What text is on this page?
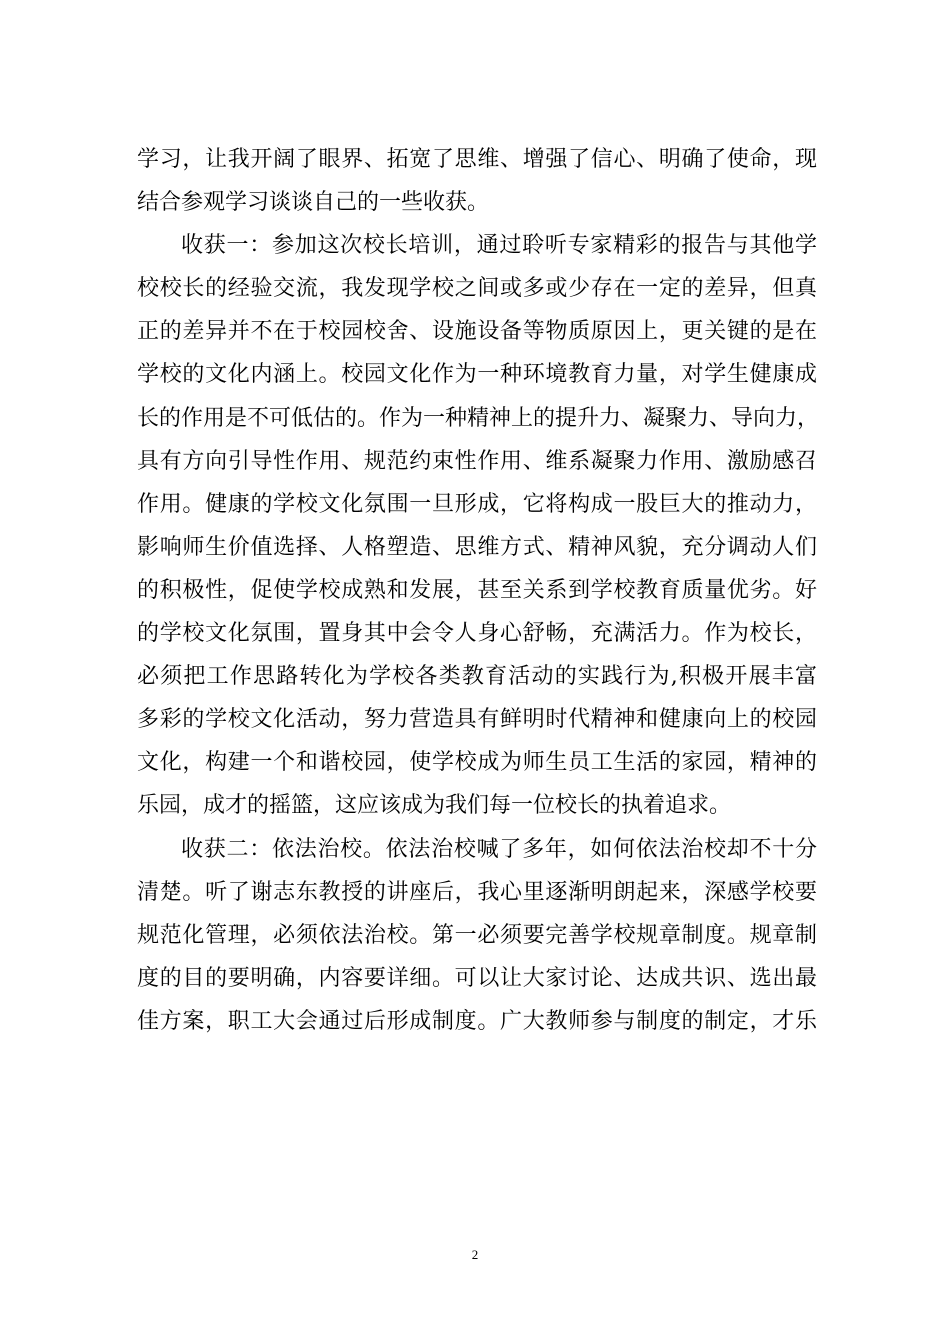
学习，让我开阔了眼界、拓宽了思维、增强了信心、明确了使命，现
结合参观学习谈谈自己的一些收获。
收获一：参加这次校长培训，通过聆听专家精彩的报告与其他学
校校长的经验交流，我发现学校之间或多或少存在一定的差异，但真
正的差异并不在于校园校舍、设施设备等物质原因上，更关键的是在
学校的文化内涵上。校园文化作为一种环境教育力量，对学生健康成
长的作用是不可低估的。作为一种精神上的提升力、凝聚力、导向力，
具有方向引导性作用、规范约束性作用、维系凝聚力作用、激励感召
作用。健康的学校文化氛围一旦形成，它将构成一股巨大的推动力，
影响师生价值选择、人格塑造、思维方式、精神风貌，充分调动人们
的积极性，促使学校成熟和发展，甚至关系到学校教育质量优劣。好
的学校文化氛围，置身其中会令人身心舒畅，充满活力。作为校长，
必须把工作思路转化为学校各类教育活动的实践行为,积极开展丰富
多彩的学校文化活动，努力营造具有鲜明时代精神和健康向上的校园
文化，构建一个和谐校园，使学校成为师生员工生活的家园，精神的
乐园，成才的摇篮，这应该成为我们每一位校长的执着追求。
收获二：依法治校。依法治校喊了多年，如何依法治校却不十分
清楚。听了谢志东教授的讲座后，我心里逐渐明朗起来，深感学校要
规范化管理，必须依法治校。第一必须要完善学校规章制度。规章制
度的目的要明确，内容要详细。可以让大家讨论、达成共识、选出最
佳方案，职工大会通过后形成制度。广大教师参与制度的制定，才乐
2
